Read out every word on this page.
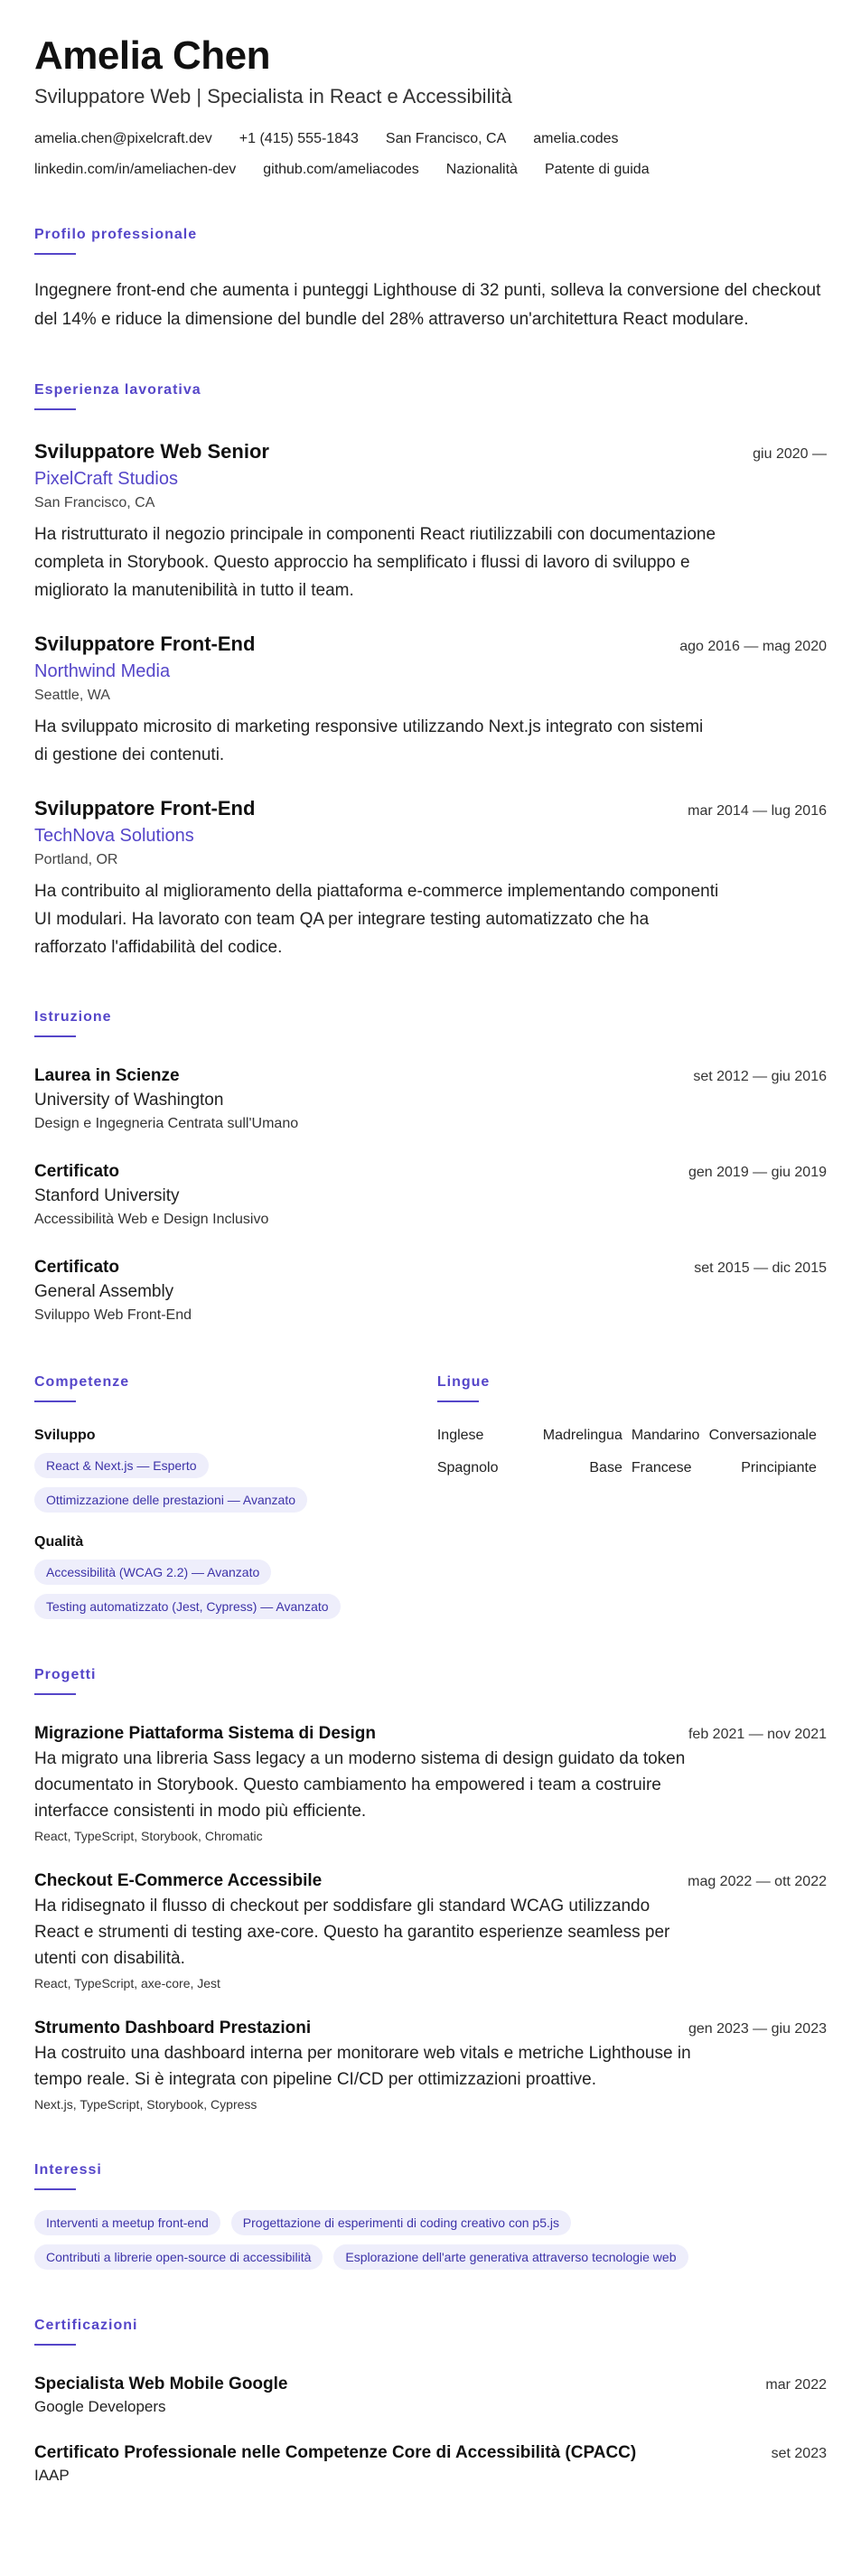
Amelia Chen
Sviluppatore Web | Specialista in React e Accessibilità
amelia.chen@pixelcraft.dev +1 (415) 555-1843 San Francisco, CA amelia.codes
linkedin.com/in/ameliachen-dev github.com/ameliacodes Nazionalità Patente di guida
Profilo professionale
Ingegnere front-end che aumenta i punteggi Lighthouse di 32 punti, solleva la conversione del checkout del 14% e riduce la dimensione del bundle del 28% attraverso un'architettura React modulare.
Esperienza lavorativa
Sviluppatore Web Senior	giu 2020 —
PixelCraft Studios
San Francisco, CA
Ha ristrutturato il negozio principale in componenti React riutilizzabili con documentazione completa in Storybook. Questo approccio ha semplificato i flussi di lavoro di sviluppo e migliorato la manutenibilità in tutto il team.
Sviluppatore Front-End	ago 2016 — mag 2020
Northwind Media
Seattle, WA
Ha sviluppato microsito di marketing responsive utilizzando Next.js integrato con sistemi di gestione dei contenuti.
Sviluppatore Front-End	mar 2014 — lug 2016
TechNova Solutions
Portland, OR
Ha contribuito al miglioramento della piattaforma e-commerce implementando componenti UI modulari. Ha lavorato con team QA per integrare testing automatizzato che ha rafforzato l'affidabilità del codice.
Istruzione
Laurea in Scienze	set 2012 — giu 2016
University of Washington
Design e Ingegneria Centrata sull'Umano
Certificato	gen 2019 — giu 2019
Stanford University
Accessibilità Web e Design Inclusivo
Certificato	set 2015 — dic 2015
General Assembly
Sviluppo Web Front-End
Competenze
Sviluppo
React & Next.js — Esperto
Ottimizzazione delle prestazioni — Avanzato
Qualità
Accessibilità (WCAG 2.2) — Avanzato
Testing automatizzato (Jest, Cypress) — Avanzato
Lingue
Inglese	Madrelingua Mandarino Conversazionale
Spagnolo	Base Francese	Principiante
Progetti
Migrazione Piattaforma Sistema di Design	feb 2021 — nov 2021
Ha migrato una libreria Sass legacy a un moderno sistema di design guidato da token documentato in Storybook. Questo cambiamento ha empowered i team a costruire interfacce consistenti in modo più efficiente.
React, TypeScript, Storybook, Chromatic
Checkout E-Commerce Accessibile	mag 2022 — ott 2022
Ha ridisegnato il flusso di checkout per soddisfare gli standard WCAG utilizzando React e strumenti di testing axe-core. Questo ha garantito esperienze seamless per utenti con disabilità.
React, TypeScript, axe-core, Jest
Strumento Dashboard Prestazioni	gen 2023 — giu 2023
Ha costruito una dashboard interna per monitorare web vitals e metriche Lighthouse in tempo reale. Si è integrata con pipeline CI/CD per ottimizzazioni proattive.
Next.js, TypeScript, Storybook, Cypress
Interessi
Interventi a meetup front-end	Progettazione di esperimenti di coding creativo con p5.js
Contributi a librerie open-source di accessibilità	Esplorazione dell'arte generativa attraverso tecnologie web
Certificazioni
Specialista Web Mobile Google	mar 2022
Google Developers
Certificato Professionale nelle Competenze Core di Accessibilità (CPACC)	set 2023
IAAP
